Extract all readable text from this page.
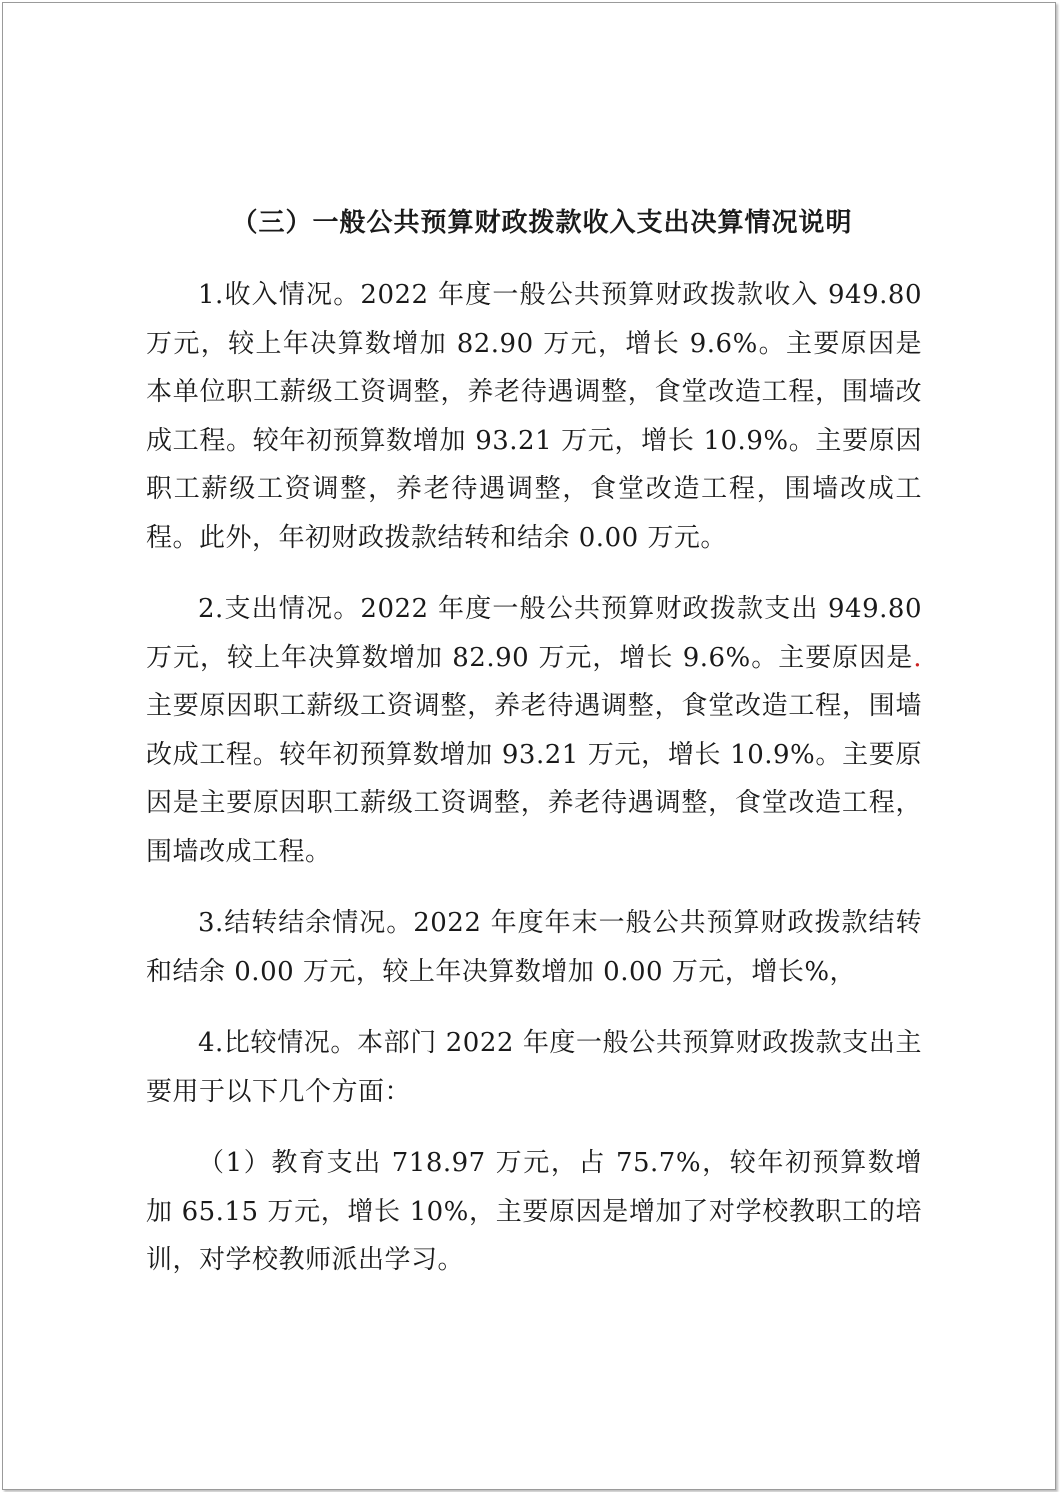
（三）一般公共预算财政拨款收入支出决算情况说明

1.收入情况。2022 年度一般公共预算财政拨款收入 949.80 万元，较上年决算数增加 82.90 万元，增长 9.6%。主要原因是本单位职工薪级工资调整，养老待遇调整，食堂改造工程，围墙改成工程。较年初预算数增加 93.21 万元，增长 10.9%。主要原因职工薪级工资调整，养老待遇调整，食堂改造工程，围墙改成工程。此外，年初财政拨款结转和结余 0.00 万元。

2.支出情况。2022 年度一般公共预算财政拨款支出 949.80 万元，较上年决算数增加 82.90 万元，增长 9.6%。主要原因是.主要原因职工薪级工资调整，养老待遇调整，食堂改造工程，围墙改成工程。较年初预算数增加 93.21 万元，增长 10.9%。主要原因是主要原因职工薪级工资调整，养老待遇调整，食堂改造工程，围墙改成工程。

3.结转结余情况。2022 年度年末一般公共预算财政拨款结转和结余 0.00 万元，较上年决算数增加 0.00 万元，增长%，

4.比较情况。本部门 2022 年度一般公共预算财政拨款支出主要用于以下几个方面：

（1）教育支出 718.97 万元，占 75.7%，较年初预算数增加 65.15 万元，增长 10%，主要原因是增加了对学校教职工的培训，对学校教师派出学习。
